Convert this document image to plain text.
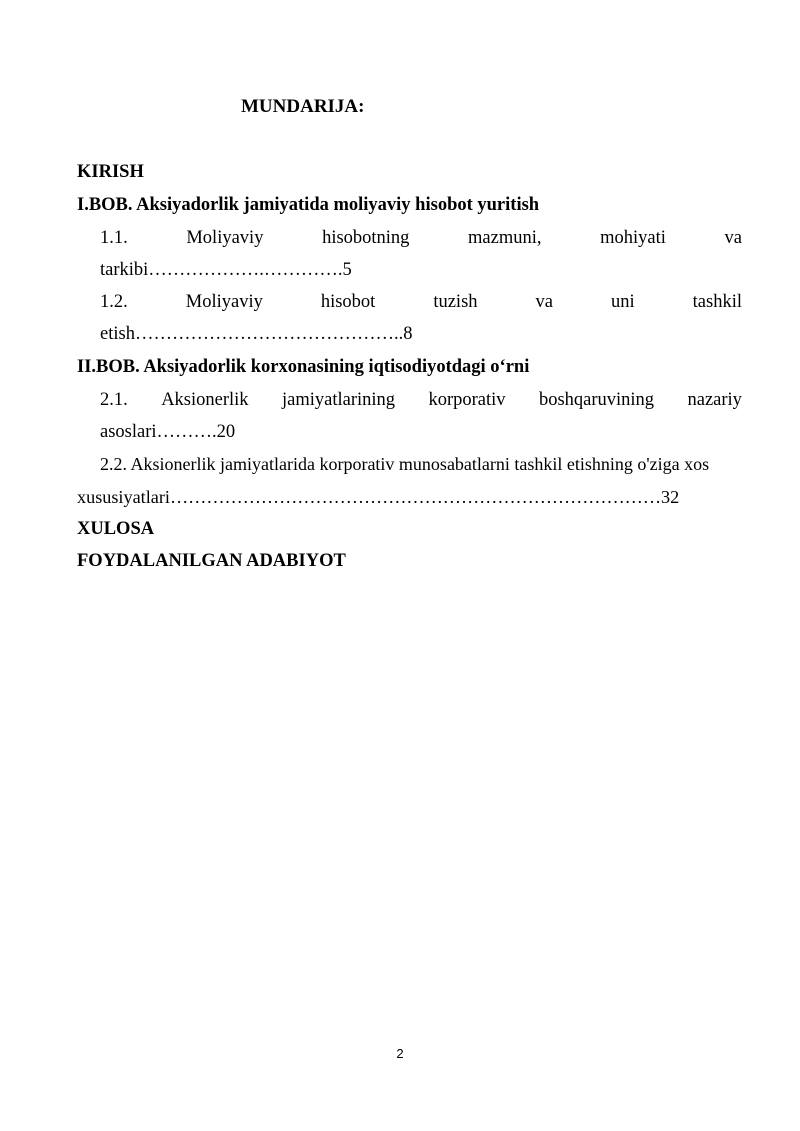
MUNDARIJA:
KIRISH
I.BOB. Aksiyadorlik jamiyatida moliyaviy hisobot yuritish
1.1.	Moliyaviy	hisobotning	mazmuni,	mohiyati	va
tarkibi……………….………….5
1.2.	Moliyaviy	hisobot	tuzish	va	uni	tashkil
etish……………………………………..8
II.BOB. Aksiyadorlik korxonasining iqtisodiyotdagi o‘rni
2.1. Aksionerlik jamiyatlarining korporativ boshqaruvining nazariy
asoslari……….20
2.2. Aksionerlik jamiyatlarida korporativ munosabatlarni tashkil etishning o'ziga xos
xususiyatlari………………………………………………………………………32
XULOSA
FOYDALANILGAN ADABIYOT
2
